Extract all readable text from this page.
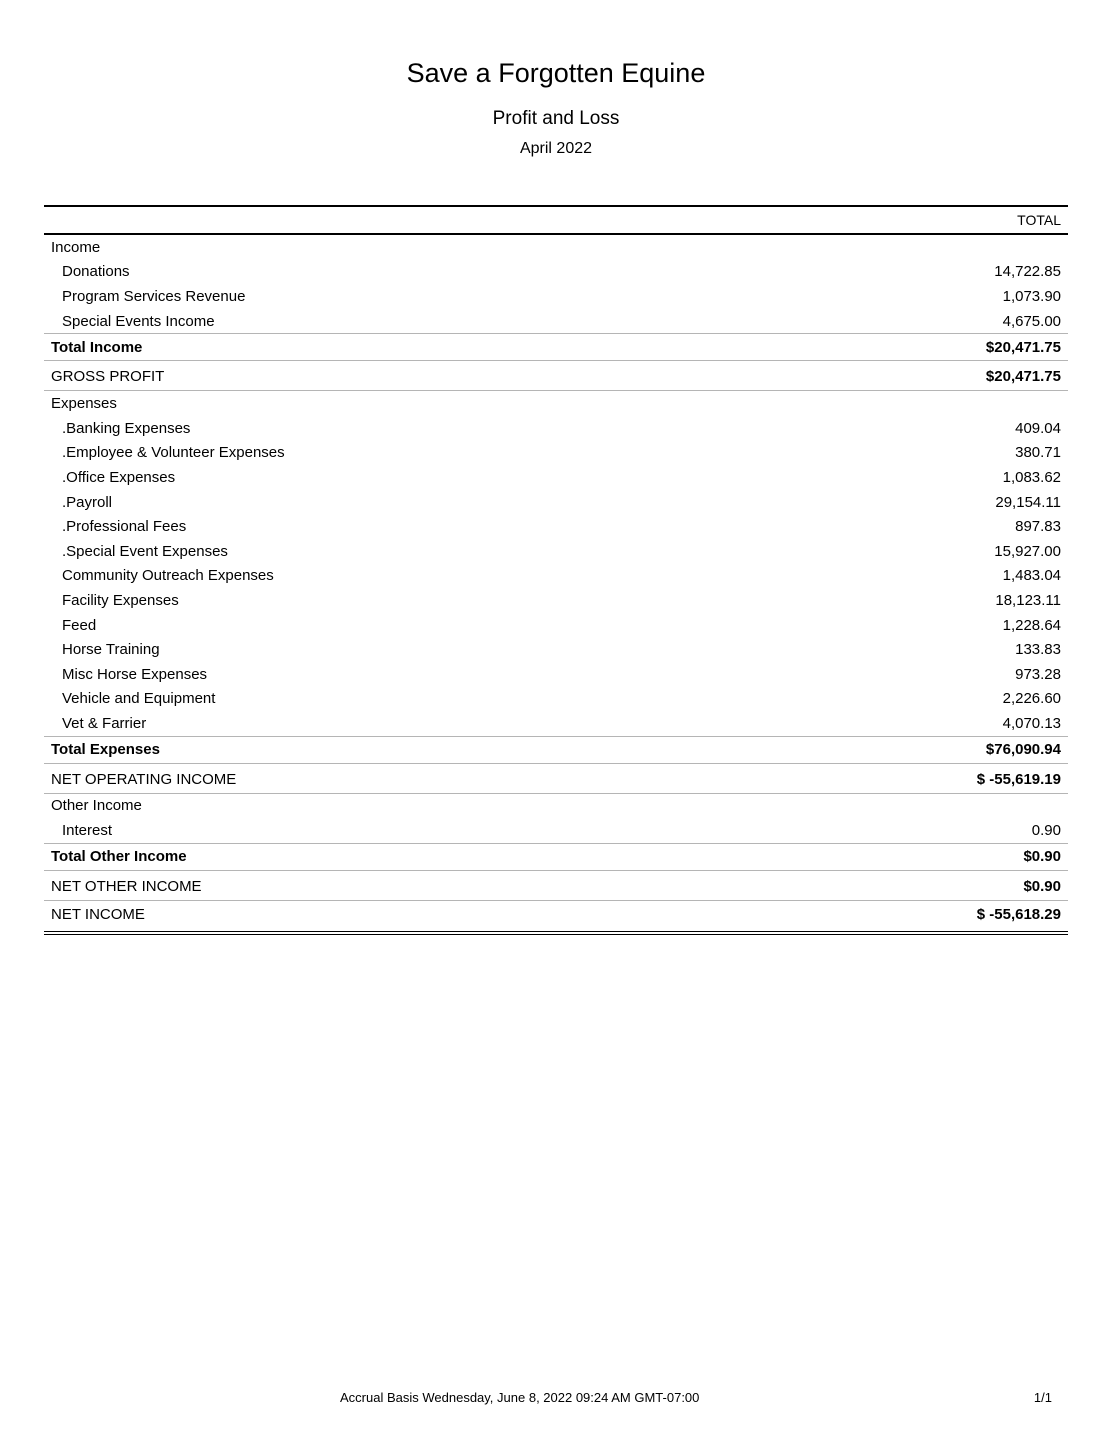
Save a Forgotten Equine
Profit and Loss
April 2022
TOTAL
Income
Donations	14,722.85
Program Services Revenue	1,073.90
Special Events Income	4,675.00
Total Income	$20,471.75
GROSS PROFIT	$20,471.75
Expenses
.Banking Expenses	409.04
.Employee & Volunteer Expenses	380.71
.Office Expenses	1,083.62
.Payroll	29,154.11
.Professional Fees	897.83
.Special Event Expenses	15,927.00
Community Outreach Expenses	1,483.04
Facility Expenses	18,123.11
Feed	1,228.64
Horse Training	133.83
Misc Horse Expenses	973.28
Vehicle and Equipment	2,226.60
Vet & Farrier	4,070.13
Total Expenses	$76,090.94
NET OPERATING INCOME	$ -55,619.19
Other Income
Interest	0.90
Total Other Income	$0.90
NET OTHER INCOME	$0.90
NET INCOME	$ -55,618.29
Accrual Basis Wednesday, June 8, 2022 09:24 AM GMT-07:00	1/1
